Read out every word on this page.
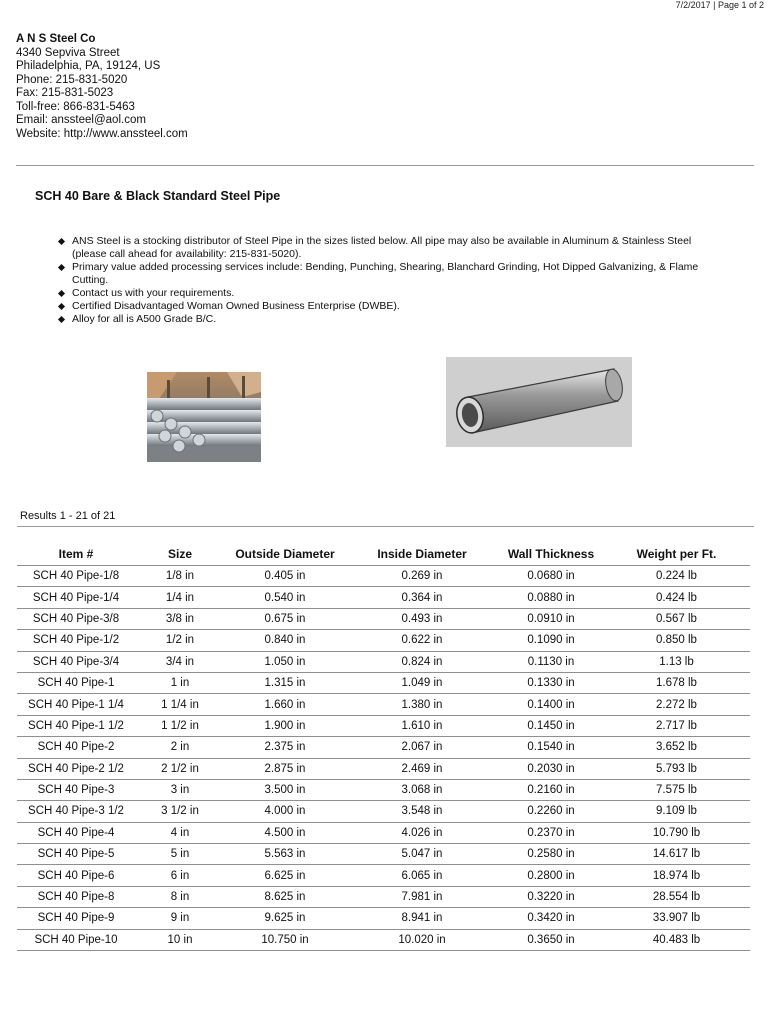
7/2/2017 | Page 1 of 2
A N S Steel Co
4340 Sepviva Street
Philadelphia, PA, 19124, US
Phone: 215-831-5020
Fax: 215-831-5023
Toll-free: 866-831-5463
Email: anssteel@aol.com
Website: http://www.anssteel.com
SCH 40 Bare & Black Standard Steel Pipe
ANS Steel is a stocking distributor of Steel Pipe in the sizes listed below. All pipe may also be available in Aluminum & Stainless Steel (please call ahead for availability: 215-831-5020).
Primary value added processing services include: Bending, Punching, Shearing, Blanchard Grinding, Hot Dipped Galvanizing, & Flame Cutting.
Contact us with your requirements.
Certified Disadvantaged Woman Owned Business Enterprise (DWBE).
Alloy for all is A500 Grade B/C.
Results 1 - 21 of 21
Item #	Size	Outside Diameter	Inside Diameter	Wall Thickness	Weight per Ft.
SCH 40 Pipe-1/8	1/8 in	0.405 in	0.269 in	0.0680 in	0.224 lb
SCH 40 Pipe-1/4	1/4 in	0.540 in	0.364 in	0.0880 in	0.424 lb
SCH 40 Pipe-3/8	3/8 in	0.675 in	0.493 in	0.0910 in	0.567 lb
SCH 40 Pipe-1/2	1/2 in	0.840 in	0.622 in	0.1090 in	0.850 lb
SCH 40 Pipe-3/4	3/4 in	1.050 in	0.824 in	0.1130 in	1.13 lb
SCH 40 Pipe-1	1 in	1.315 in	1.049 in	0.1330 in	1.678 lb
SCH 40 Pipe-1 1/4	1 1/4 in	1.660 in	1.380 in	0.1400 in	2.272 lb
SCH 40 Pipe-1 1/2	1 1/2 in	1.900 in	1.610 in	0.1450 in	2.717 lb
SCH 40 Pipe-2	2 in	2.375 in	2.067 in	0.1540 in	3.652 lb
SCH 40 Pipe-2 1/2	2 1/2 in	2.875 in	2.469 in	0.2030 in	5.793 lb
SCH 40 Pipe-3	3 in	3.500 in	3.068 in	0.2160 in	7.575 lb
SCH 40 Pipe-3 1/2	3 1/2 in	4.000 in	3.548 in	0.2260 in	9.109 lb
SCH 40 Pipe-4	4 in	4.500 in	4.026 in	0.2370 in	10.790 lb
SCH 40 Pipe-5	5 in	5.563 in	5.047 in	0.2580 in	14.617 lb
SCH 40 Pipe-6	6 in	6.625 in	6.065 in	0.2800 in	18.974 lb
SCH 40 Pipe-8	8 in	8.625 in	7.981 in	0.3220 in	28.554 lb
SCH 40 Pipe-9	9 in	9.625 in	8.941 in	0.3420 in	33.907 lb
SCH 40 Pipe-10	10 in	10.750 in	10.020 in	0.3650 in	40.483 lb
